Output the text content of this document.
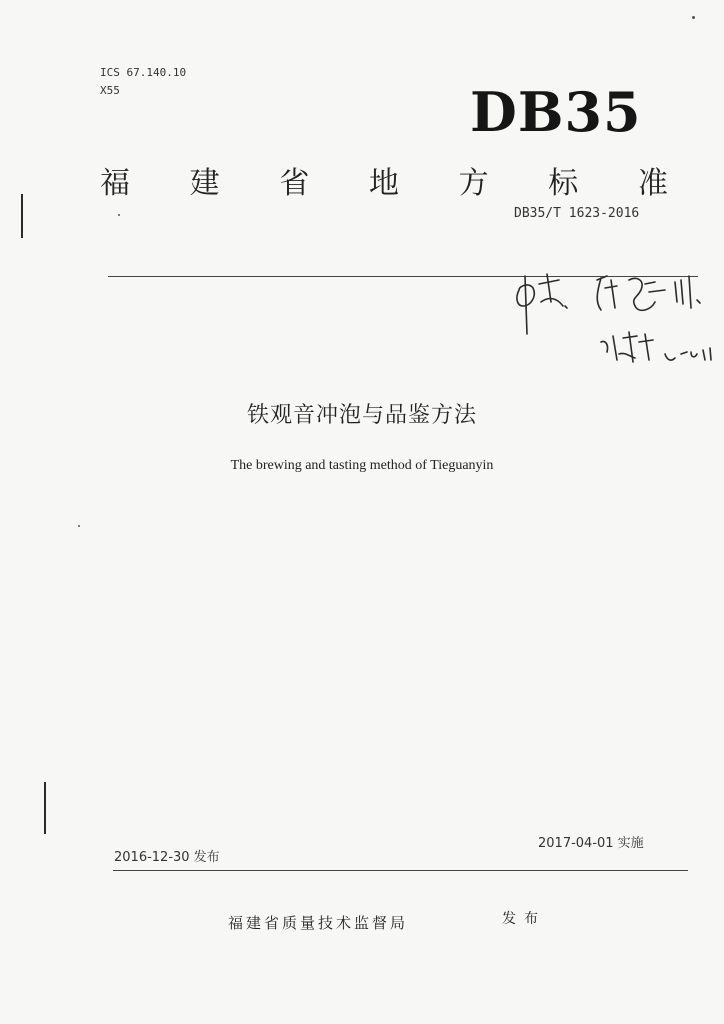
ICS 67.140.10
X55	DB35
福 建 省 地 方 标 准
DB35/T 1623-2016
铁观音冲泡与品鉴方法
The brewing and tasting method of Tieguanyin
2016-12-30 发布
2017-04-01 实施
福建省质量技术监督局	发布
